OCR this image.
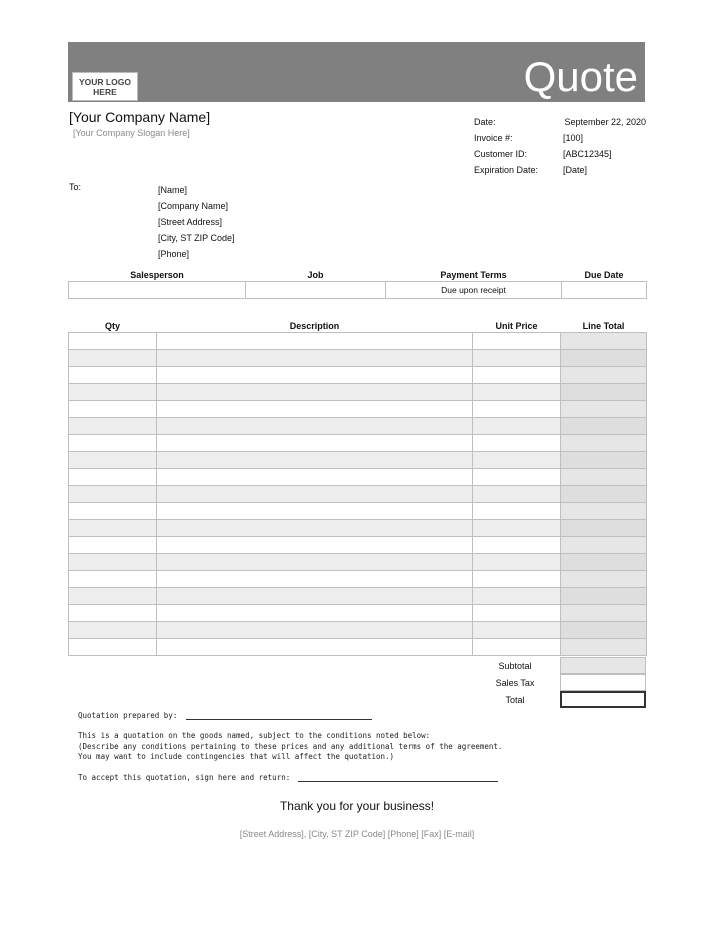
YOUR LOGO
HERE	Quote
[Your Company Name]
[Your Company Slogan Here]
Date:	September 22, 2020
Invoice #:	[100]
Customer ID:	[ABC12345]
Expiration Date:	[Date]
To:	[Name]
[Company Name]
[Street Address]
[City, ST ZIP Code]
[Phone]
Salesperson	Job	Payment Terms	Due Date
		Due upon receipt	
Qty	Description	Unit Price	Line Total

Subtotal
Sales Tax
Total
Quotation prepared by:
This is a quotation on the goods named, subject to the conditions noted below:
(Describe any conditions pertaining to these prices and any additional terms of the agreement.
You may want to include contingencies that will affect the quotation.)
To accept this quotation, sign here and return:
Thank you for your business!
[Street Address], [City, ST ZIP Code] [Phone] [Fax] [E-mail]
